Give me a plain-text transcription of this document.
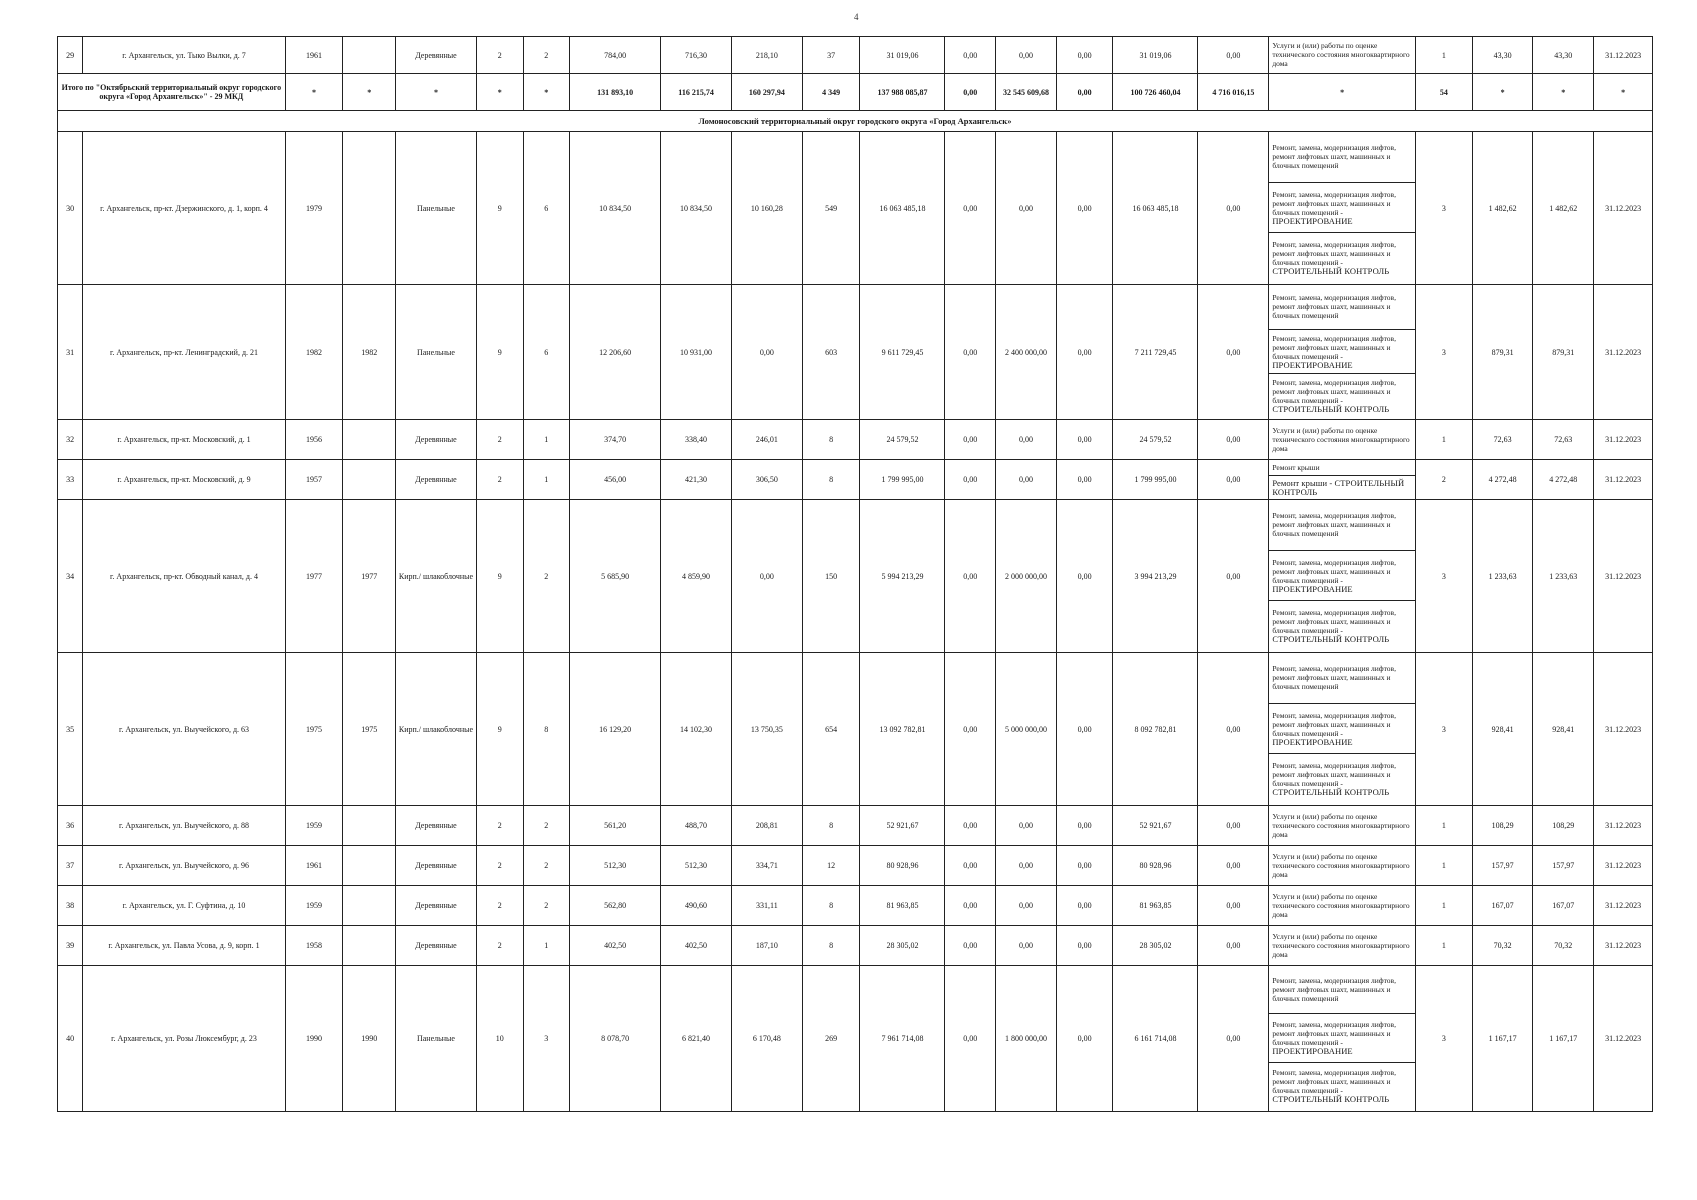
4
29	г. Архангельск, ул. Тыко Вылки, д. 7	1961		Деревянные	2	2	784,00	716,30	218,10	37	31 019,06	0,00	0,00	0,00	31 019,06	0,00	Услуги и (или) работы по оценке технического состояния многоквартирного дома	1	43,30	43,30	31.12.2023
Итого по "Октябрьский территориальный округ городского округа «Город Архангельск»" - 29 МКД		*	*	*	*	*	131 893,10	116 215,74	160 297,94	4 349	137 988 085,87	0,00	32 545 609,68	0,00	100 726 460,04	4 716 016,15	*	54	*	*	*
Ломоносовский территориальный округ городского округа «Город Архангельск»																					
30	г. Архангельск, пр-кт. Дзержинского, д. 1, корп. 4	1979		Панельные	9	6	10 834,50	10 834,50	10 160,28	549	16 063 485,18	0,00	0,00	0,00	16 063 485,18	0,00	Ремонт, замена, модернизация лифтов, ремонт лифтовых шахт, машинных и блочных помещений
Ремонт, замена, модернизация лифтов, ремонт лифтовых шахт, машинных и блочных помещений -
ПРОЕКТИРОВАНИЕ
Ремонт, замена, модернизация лифтов, ремонт лифтовых шахт, машинных и блочных помещений -
СТРОИТЕЛЬНЫЙ КОНТРОЛЬ	3	1 482,62	1 482,62	31.12.2023
31	г. Архангельск, пр-кт. Ленинградский, д. 21	1982	1982	Панельные	9	6	12 206,60	10 931,00	0,00	603	9 611 729,45	0,00	2 400 000,00	0,00	7 211 729,45	0,00	Ремонт, замена, модернизация лифтов, ремонт лифтовых шахт, машинных и блочных помещений
Ремонт, замена, модернизация лифтов, ремонт лифтовых шахт, машинных и блочных помещений -
ПРОЕКТИРОВАНИЕ
Ремонт, замена, модернизация лифтов, ремонт лифтовых шахт, машинных и блочных помещений -
СТРОИТЕЛЬНЫЙ КОНТРОЛЬ	3	879,31	879,31	31.12.2023
32	г. Архангельск, пр-кт. Московский, д. 1	1956		Деревянные	2	1	374,70	338,40	246,01	8	24 579,52	0,00	0,00	0,00	24 579,52	0,00	Услуги и (или) работы по оценке технического состояния многоквартирного дома	1	72,63	72,63	31.12.2023
33	г. Архангельск, пр-кт. Московский, д. 9	1957		Деревянные	2	1	456,00	421,30	306,50	8	1 799 995,00	0,00	0,00	0,00	1 799 995,00	0,00	Ремонт крыши
Ремонт крыши - СТРОИТЕЛЬНЫЙ КОНТРОЛЬ	2	4 272,48	4 272,48	31.12.2023
34	г. Архангельск, пр-кт. Обводный канал, д. 4	1977	1977	Кирп./ шлакоблочные	9	2	5 685,90	4 859,90	0,00	150	5 994 213,29	0,00	2 000 000,00	0,00	3 994 213,29	0,00	Ремонт, замена, модернизация лифтов, ремонт лифтовых шахт, машинных и блочных помещений
Ремонт, замена, модернизация лифтов, ремонт лифтовых шахт, машинных и блочных помещений -
ПРОЕКТИРОВАНИЕ
Ремонт, замена, модернизация лифтов, ремонт лифтовых шахт, машинных и блочных помещений -
СТРОИТЕЛЬНЫЙ КОНТРОЛЬ	3	1 233,63	1 233,63	31.12.2023
35	г. Архангельск, ул. Выучейского, д. 63	1975	1975	Кирп./ шлакоблочные	9	8	16 129,20	14 102,30	13 750,35	654	13 092 782,81	0,00	5 000 000,00	0,00	8 092 782,81	0,00	Ремонт, замена, модернизация лифтов, ремонт лифтовых шахт, машинных и блочных помещений
Ремонт, замена, модернизация лифтов, ремонт лифтовых шахт, машинных и блочных помещений -
ПРОЕКТИРОВАНИЕ
Ремонт, замена, модернизация лифтов, ремонт лифтовых шахт, машинных и блочных помещений -
СТРОИТЕЛЬНЫЙ КОНТРОЛЬ	3	928,41	928,41	31.12.2023
36	г. Архангельск, ул. Выучейского, д. 88	1959		Деревянные	2	2	561,20	488,70	208,81	8	52 921,67	0,00	0,00	0,00	52 921,67	0,00	Услуги и (или) работы по оценке технического состояния многоквартирного дома	1	108,29	108,29	31.12.2023
37	г. Архангельск, ул. Выучейского, д. 96	1961		Деревянные	2	2	512,30	512,30	334,71	12	80 928,96	0,00	0,00	0,00	80 928,96	0,00	Услуги и (или) работы по оценке технического состояния многоквартирного дома	1	157,97	157,97	31.12.2023
38	г. Архангельск, ул. Г. Суфтина, д. 10	1959		Деревянные	2	2	562,80	490,60	331,11	8	81 963,85	0,00	0,00	0,00	81 963,85	0,00	Услуги и (или) работы по оценке технического состояния многоквартирного дома	1	167,07	167,07	31.12.2023
39	г. Архангельск, ул. Павла Усова, д. 9, корп. 1	1958		Деревянные	2	1	402,50	402,50	187,10	8	28 305,02	0,00	0,00	0,00	28 305,02	0,00	Услуги и (или) работы по оценке технического состояния многоквартирного дома	1	70,32	70,32	31.12.2023
40	г. Архангельск, ул. Розы Люксембург, д. 23	1990	1990	Панельные	10	3	8 078,70	6 821,40	6 170,48	269	7 961 714,08	0,00	1 800 000,00	0,00	6 161 714,08	0,00	Ремонт, замена, модернизация лифтов, ремонт лифтовых шахт, машинных и блочных помещений
Ремонт, замена, модернизация лифтов, ремонт лифтовых шахт, машинных и блочных помещений -
ПРОЕКТИРОВАНИЕ
Ремонт, замена, модернизация лифтов, ремонт лифтовых шахт, машинных и блочных помещений -
СТРОИТЕЛЬНЫЙ КОНТРОЛЬ	3	1 167,17	1 167,17	31.12.2023
